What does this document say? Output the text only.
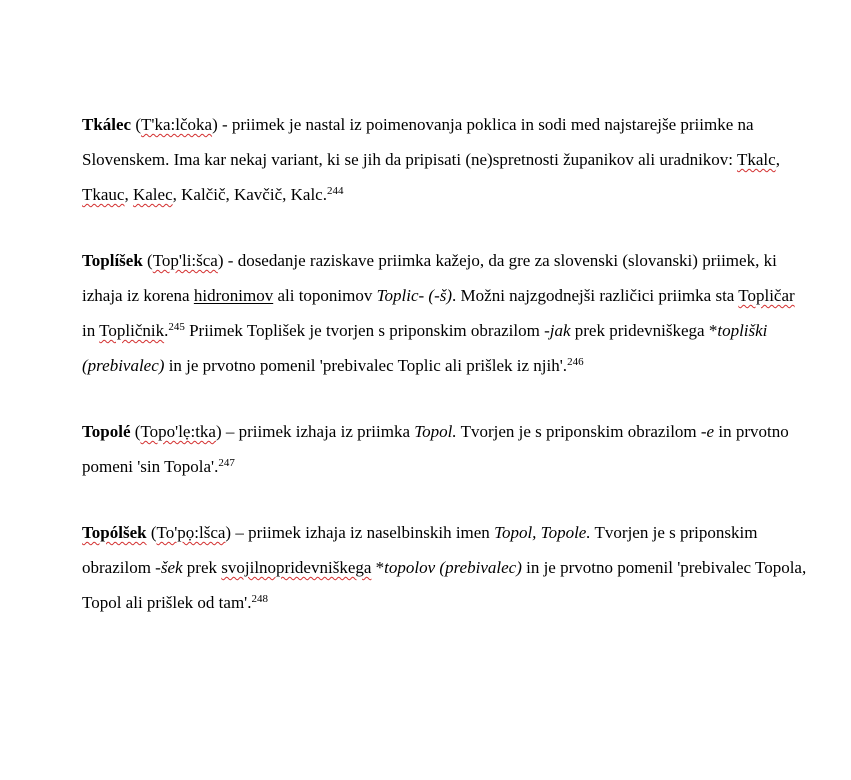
Tkálec (T'ka:lčoka) - priimek je nastal iz poimenovanja poklica in sodi med najstarejše priimke na Slovenskem. Ima kar nekaj variant, ki se jih da pripisati (ne)spretnosti županikov ali uradnikov: Tkalc, Tkauc, Kalec, Kalčič, Kavčič, Kalc.$^{244}$

Toplíšek (Top'li:šca) - dosedanje raziskave priimka kažejo, da gre za slovenski (slovanski) priimek, ki izhaja iz korena hidronimov ali toponimov Toplic- (-š). Možni najzgodnejši različici priimka sta Topličar in Topličnik.$^{245}$ Priimek Toplišek je tvorjen s priponskim obrazilom -jak prek pridevniškega *topliški (prebivalec) in je prvotno pomenil 'prebivalec Toplic ali prišlek iz njih'.$^{246}$

Topolé (Topo'lẹ:tka) – priimek izhaja iz priimka Topol. Tvorjen je s priponskim obrazilom -e in prvotno pomeni 'sin Topola'.$^{247}$

Topólšek (To'pọ:lšca) – priimek izhaja iz naselbinskih imen Topol, Topole. Tvorjen je s priponskim obrazilom -šek prek svojilnopridevniškega *topolov (prebivalec) in je prvotno pomenil 'prebivalec Topola, Topol ali prišlek od tam'.$^{248}$
